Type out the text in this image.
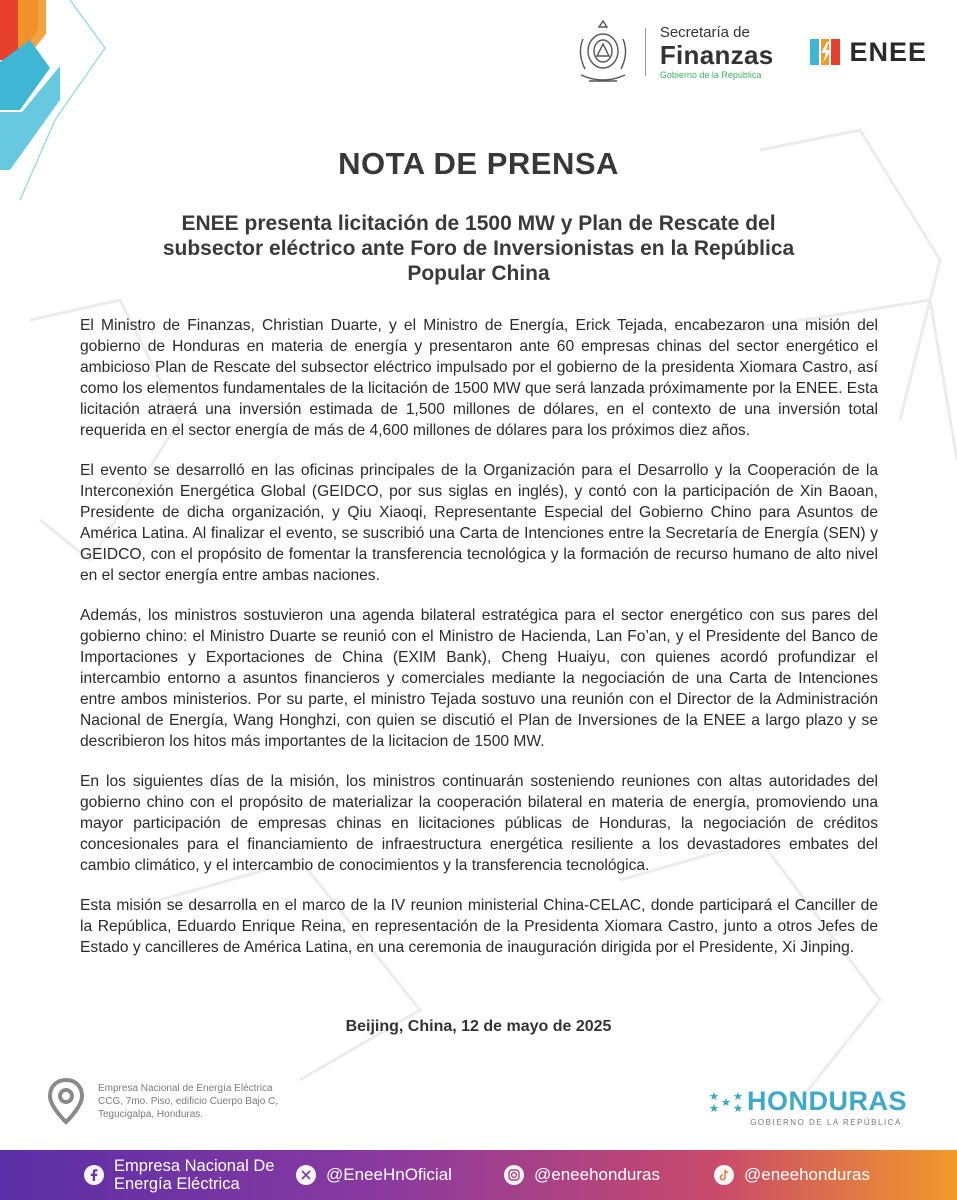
Secretaría de
Finanzas
Gobierno de la República
ENEE
NOTA DE PRENSA
ENEE presenta licitación de 1500 MW y Plan de Rescate del subsector eléctrico ante Foro de Inversionistas en la República Popular China

El Ministro de Finanzas, Christian Duarte, y el Ministro de Energía, Erick Tejada, encabezaron una misión del gobierno de Honduras en materia de energía y presentaron ante 60 empresas chinas del sector energético el ambicioso Plan de Rescate del subsector eléctrico impulsado por el gobierno de la presidenta Xiomara Castro, así como los elementos fundamentales de la licitación de 1500 MW que será lanzada próximamente por la ENEE. Esta licitación atraerá una inversión estimada de 1,500 millones de dólares, en el contexto de una inversión total requerida en el sector energía de más de 4,600 millones de dólares para los próximos diez años.

El evento se desarrolló en las oficinas principales de la Organización para el Desarrollo y la Cooperación de la Interconexión Energética Global (GEIDCO, por sus siglas en inglés), y contó con la participación de Xin Baoan, Presidente de dicha organización, y Qiu Xiaoqi, Representante Especial del Gobierno Chino para Asuntos de América Latina. Al finalizar el evento, se suscribió una Carta de Intenciones entre la Secretaría de Energía (SEN) y GEIDCO, con el propósito de fomentar la transferencia tecnológica y la formación de recurso humano de alto nivel en el sector energía entre ambas naciones.

Además, los ministros sostuvieron una agenda bilateral estratégica para el sector energético con sus pares del gobierno chino: el Ministro Duarte se reunió con el Ministro de Hacienda, Lan Fo’an, y el Presidente del Banco de Importaciones y Exportaciones de China (EXIM Bank), Cheng Huaiyu, con quienes acordó profundizar el intercambio entorno a asuntos financieros y comerciales mediante la negociación de una Carta de Intenciones entre ambos ministerios. Por su parte, el ministro Tejada sostuvo una reunión con el Director de la Administración Nacional de Energía, Wang Honghzi, con quien se discutió el Plan de Inversiones de la ENEE a largo plazo y se describieron los hitos más importantes de la licitacion de 1500 MW.

En los siguientes días de la misión, los ministros continuarán sosteniendo reuniones con altas autoridades del gobierno chino con el propósito de materializar la cooperación bilateral en materia de energía, promoviendo una mayor participación de empresas chinas en licitaciones públicas de Honduras, la negociación de créditos concesionales para el financiamiento de infraestructura energética resiliente a los devastadores embates del cambio climático, y el intercambio de conocimientos y la transferencia tecnológica.

Esta misión se desarrolla en el marco de la IV reunion ministerial China-CELAC, donde participará el Canciller de la República, Eduardo Enrique Reina, en representación de la Presidenta Xiomara Castro, junto a otros Jefes de Estado y cancilleres de América Latina, en una ceremonia de inauguración dirigida por el Presidente, Xi Jinping.

Beijing, China, 12 de mayo de 2025
Empresa Nacional de Energía Eléctrica
CCG, 7mo. Piso, edificio Cuerpo Bajo C,
Tegucigalpa, Honduras.	HONDURAS
GOBIERNO DE LA REPÚBLICA
Empresa Nacional De
Energía Eléctrica	@EneeHnOficial	@eneehonduras	@eneehonduras
